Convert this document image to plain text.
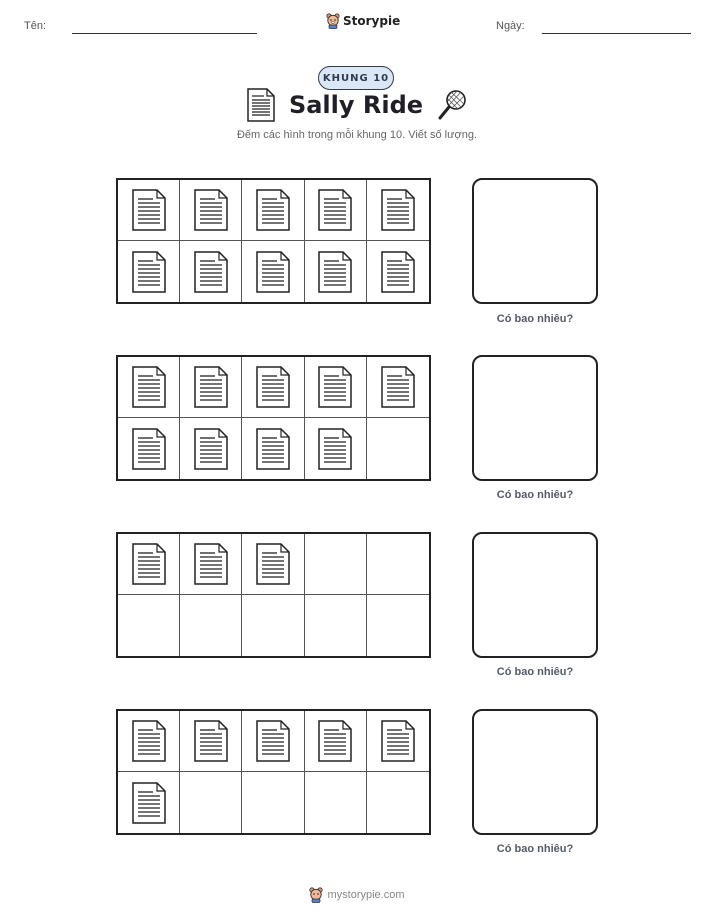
Tên:	Storypie	Ngày:
KHUNG 10
Sally Ride
Đếm các hình trong mỗi khung 10. Viết số lượng.
Có bao nhiêu?
Có bao nhiêu?
Có bao nhiêu?
Có bao nhiêu?
mystorypie.com
